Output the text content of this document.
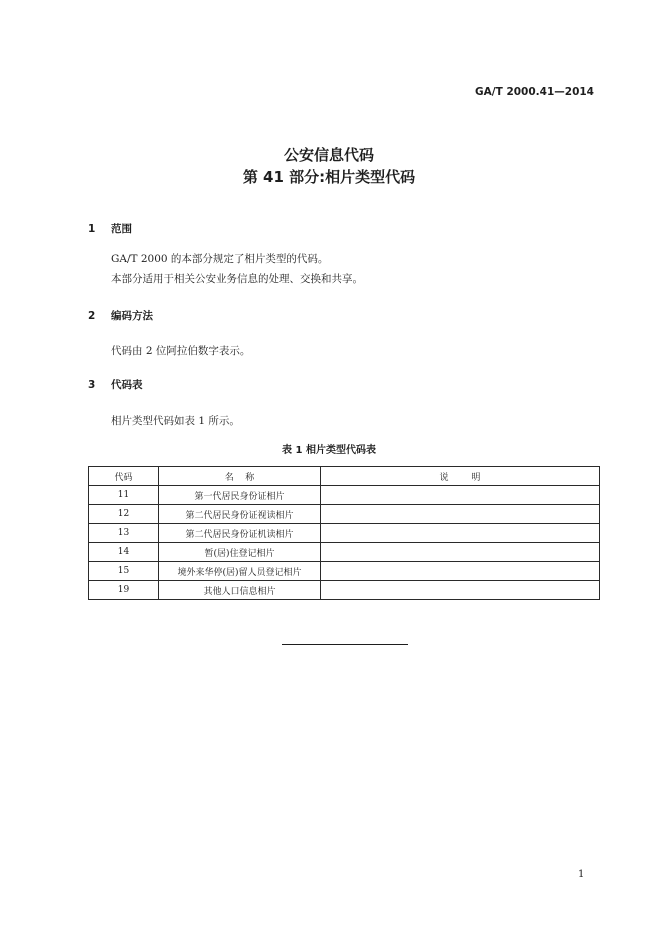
GA/T 2000.41—2014
公安信息代码
第 41 部分:相片类型代码
1 范围
GA/T 2000 的本部分规定了相片类型的代码。
本部分适用于相关公安业务信息的处理、交换和共享。
2 编码方法
代码由 2 位阿拉伯数字表示。
3 代码表
相片类型代码如表 1 所示。
表 1 相片类型代码表
代码	名    称	说        明
11	第一代居民身份证相片	
12	第二代居民身份证视读相片	
13	第二代居民身份证机读相片	
14	暂(居)住登记相片	
15	境外来华停(居)留人员登记相片	
19	其他人口信息相片	
1
